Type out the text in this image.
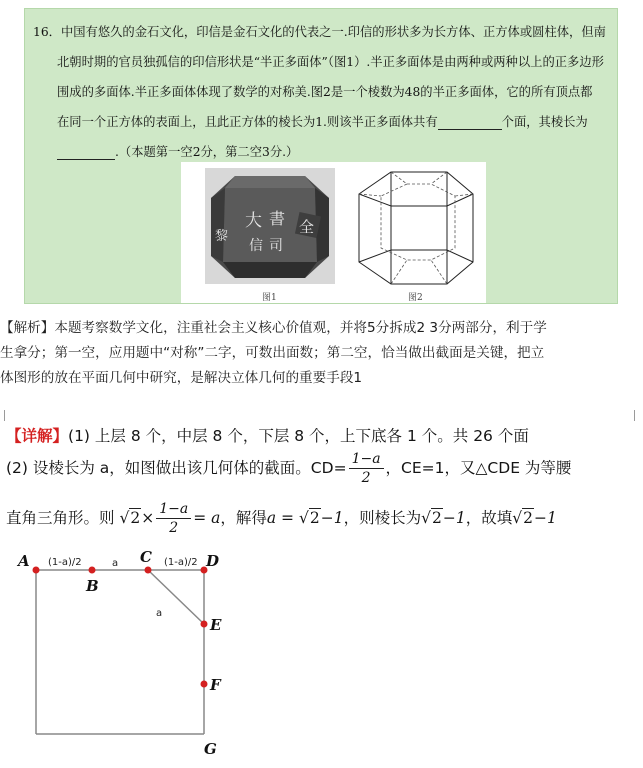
16．中国有悠久的金石文化，印信是金石文化的代表之一.印信的形状多为长方体、正方体或圆柱体，但南
北朝时期的官员独孤信的印信形状是“半正多面体”（图1）.半正多面体是由两种或两种以上的正多边形
围成的多面体.半正多面体体现了数学的对称美.图2是一个棱数为48的半正多面体，它的所有顶点都
在同一个正方体的表面上，且此正方体的棱长为1.则该半正多面体共有	个面，其棱长为
.（本题第一空2分，第二空3分.）
大 書 全
信 司
黎
图1	图2
【解析】本题考察数学文化，注重社会主义核心价值观，并将5分拆成2 3分两部分，利于学
生拿分；第一空，应用题中“对称”二字，可数出面数；第二空，恰当做出截面是关键，把立
体图形的放在平面几何中研究，是解决立体几何的重要手段1
【详解】(1) 上层 8 个，中层 8 个，下层 8 个，上下底各 1 个。共 26 个面
(2) 设棱长为 a，如图做出该几何体的截面。$CD= \frac{1-a}{2}$ ，CE=1，又△CDE 为等腰
直角三角形。则 $√2\times \frac{1-a}{2} = a$，解得a = √2−1，则棱长为√2−1，故填√2−1
A
B
C	D
E
F
G
(1-a)/2	a	(1-a)/2
a
